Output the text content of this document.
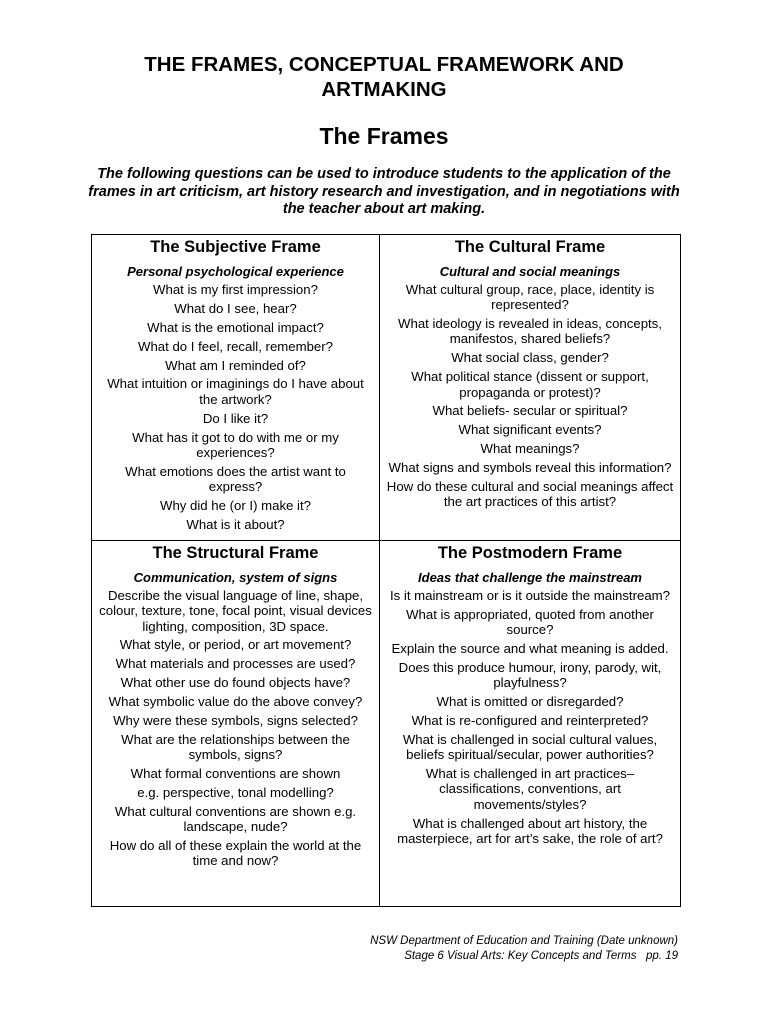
THE FRAMES, CONCEPTUAL FRAMEWORK AND
ARTMAKING
The Frames
The following questions can be used to introduce students to the application of the frames in art criticism, art history research and investigation, and in negotiations with the teacher about art making.
The Subjective Frame
Personal psychological experience
What is my first impression?
What do I see, hear?
What is the emotional impact?
What do I feel, recall, remember?
What am I reminded of?
What intuition or imaginings do I have about the artwork?
Do I like it?
What has it got to do with me or my experiences?
What emotions does the artist want to express?
Why did he (or I) make it?
What is it about?
The Cultural Frame
Cultural and social meanings
What cultural group, race, place, identity is represented?
What ideology is revealed in ideas, concepts, manifestos, shared beliefs?
What social class, gender?
What political stance (dissent or support, propaganda or protest)?
What beliefs- secular or spiritual?
What significant events?
What meanings?
What signs and symbols reveal this information?
How do these cultural and social meanings affect the art practices of this artist?
The Structural Frame
Communication, system of signs
Describe the visual language of line, shape, colour, texture, tone, focal point, visual devices lighting, composition, 3D space.
What style, or period, or art movement?
What materials and processes are used?
What other use do found objects have?
What symbolic value do the above convey?
Why were these symbols, signs selected?
What are the relationships between the symbols, signs?
What formal conventions are shown
e.g. perspective, tonal modelling?
What cultural conventions are shown e.g. landscape, nude?
How do all of these explain the world at the time and now?
The Postmodern Frame
Ideas that challenge the mainstream
Is it mainstream or is it outside the mainstream?
What is appropriated, quoted from another source?
Explain the source and what meaning is added.
Does this produce humour, irony, parody, wit, playfulness?
What is omitted or disregarded?
What is re-configured and reinterpreted?
What is challenged in social cultural values, beliefs spiritual/secular, power authorities?
What is challenged in art practices– classifications, conventions, art movements/styles?
What is challenged about art history, the masterpiece, art for art’s sake, the role of art?
NSW Department of Education and Training (Date unknown)
Stage 6 Visual Arts: Key Concepts and Terms   pp. 19
